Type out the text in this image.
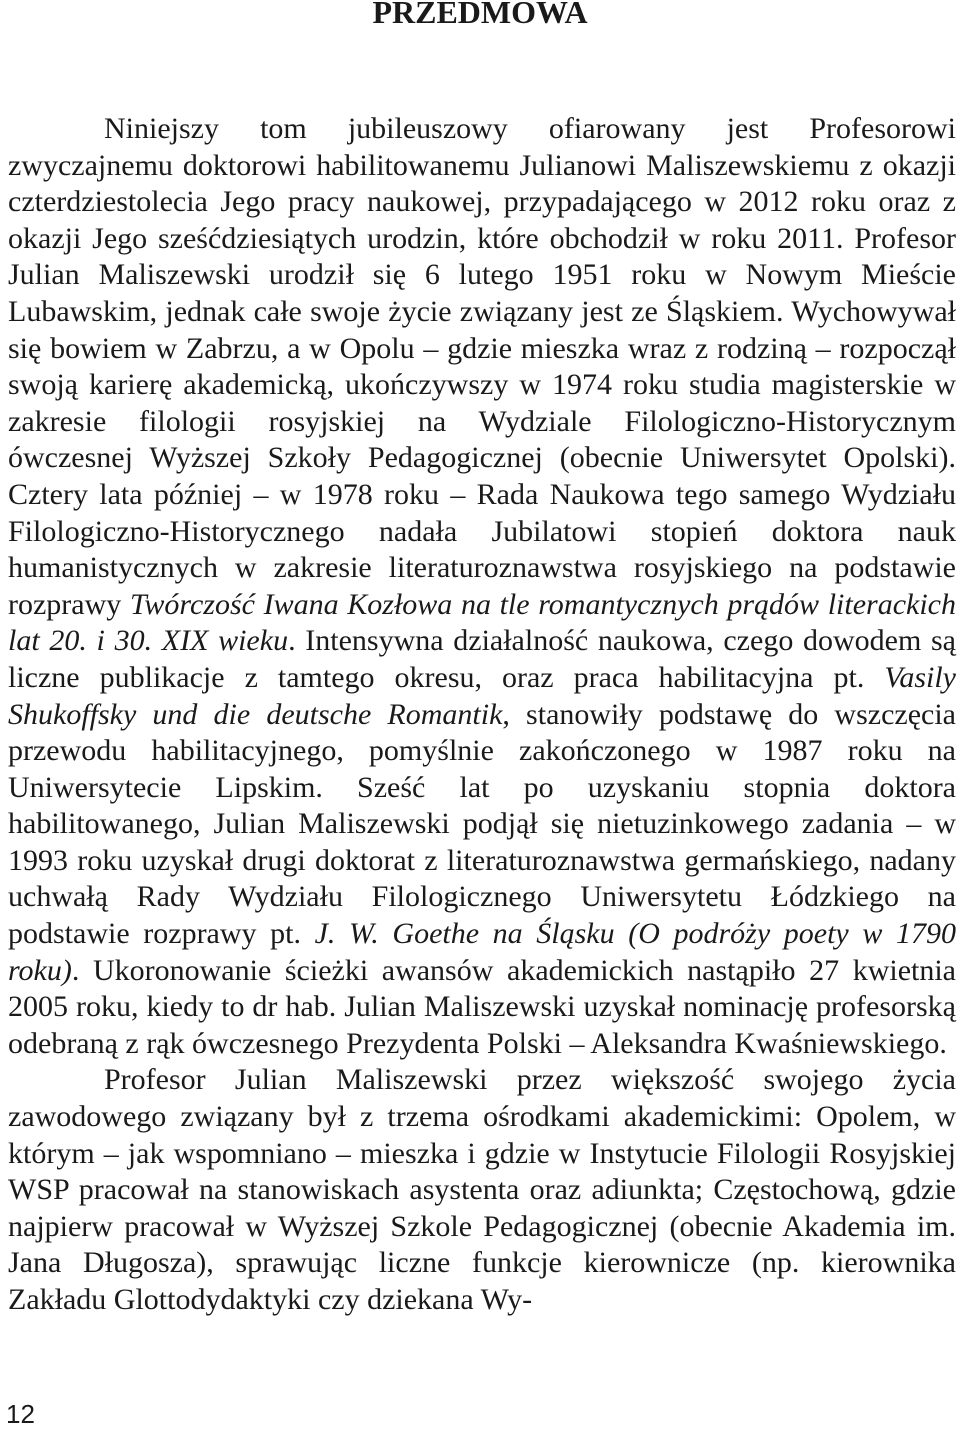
PRZEDMOWA

Niniejszy tom jubileuszowy ofiarowany jest Profesorowi zwyczajnemu doktorowi habilitowanemu Julianowi Maliszewskiemu z okazji czterdziestolecia Jego pracy naukowej, przypadającego w 2012 roku oraz z okazji Jego sześćdziesiątych urodzin, które obchodził w roku 2011. Profesor Julian Maliszewski urodził się 6 lutego 1951 roku w Nowym Mieście Lubawskim, jednak całe swoje życie związany jest ze Śląskiem. Wychowywał się bowiem w Zabrzu, a w Opolu – gdzie mieszka wraz z rodziną – rozpoczął swoją karierę akademicką, ukończywszy w 1974 roku studia magisterskie w zakresie filologii rosyjskiej na Wydziale Filologiczno-Historycznym ówczesnej Wyższej Szkoły Pedagogicznej (obecnie Uniwersytet Opolski). Cztery lata później – w 1978 roku – Rada Naukowa tego samego Wydziału Filologiczno-Historycznego nadała Jubilatowi stopień doktora nauk humanistycznych w zakresie literaturoznawstwa rosyjskiego na podstawie rozprawy Twórczość Iwana Kozłowa na tle romantycznych prądów literackich lat 20. i 30. XIX wieku. Intensywna działalność naukowa, czego dowodem są liczne publikacje z tamtego okresu, oraz praca habilitacyjna pt. Vasily Shukoffsky und die deutsche Romantik, stanowiły podstawę do wszczęcia przewodu habilitacyjnego, pomyślnie zakończonego w 1987 roku na Uniwersytecie Lipskim. Sześć lat po uzyskaniu stopnia doktora habilitowanego, Julian Maliszewski podjął się nietuzinkowego zadania – w 1993 roku uzyskał drugi doktorat z literaturoznawstwa germańskiego, nadany uchwałą Rady Wydziału Filologicznego Uniwersytetu Łódzkiego na podstawie rozprawy pt. J. W. Goethe na Śląsku (O podróży poety w 1790 roku). Ukoronowanie ścieżki awansów akademickich nastąpiło 27 kwietnia 2005 roku, kiedy to dr hab. Julian Maliszewski uzyskał nominację profesorską odebraną z rąk ówczesnego Prezydenta Polski – Aleksandra Kwaśniewskiego.

Profesor Julian Maliszewski przez większość swojego życia zawodowego związany był z trzema ośrodkami akademickimi: Opolem, w którym – jak wspomniano – mieszka i gdzie w Instytucie Filologii Rosyjskiej WSP pracował na stanowiskach asystenta oraz adiunkta; Częstochową, gdzie najpierw pracował w Wyższej Szkole Pedagogicznej (obecnie Akademia im. Jana Długosza), sprawując liczne funkcje kierownicze (np. kierownika Zakładu Glottodydaktyki czy dziekana Wy-

12
